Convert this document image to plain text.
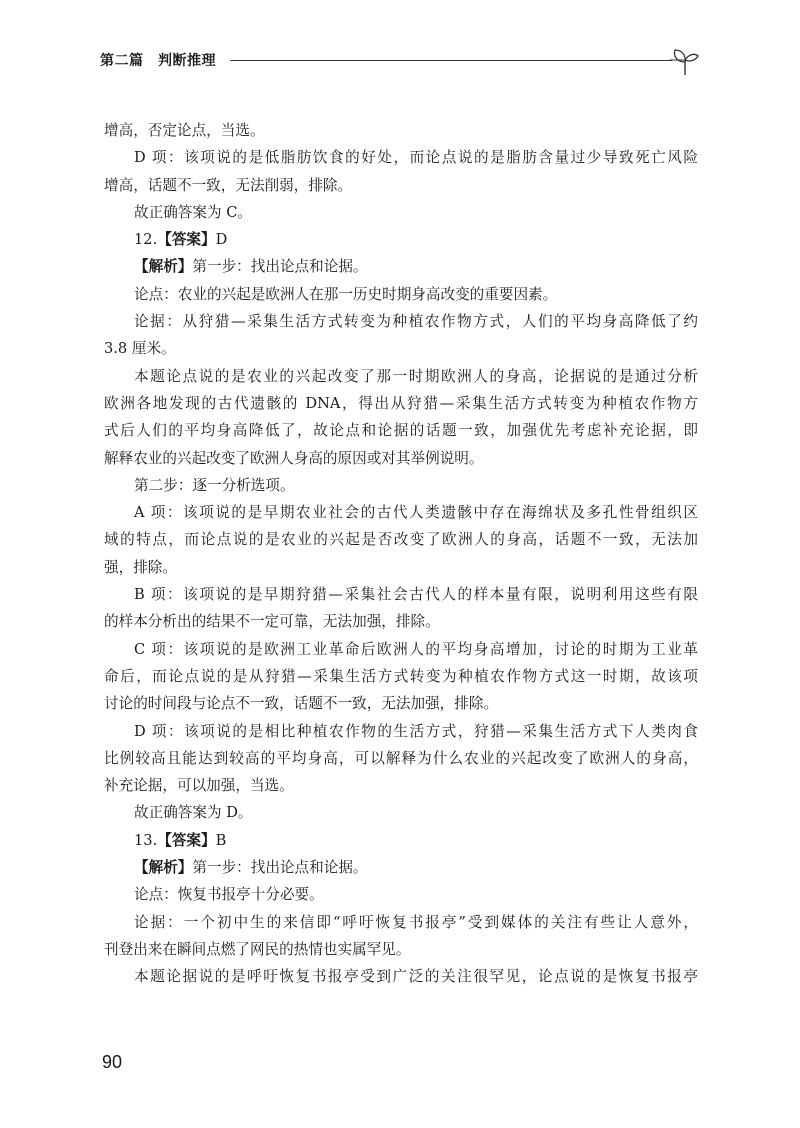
第二篇　判断推理
增高，否定论点，当选。
D 项：该项说的是低脂肪饮食的好处，而论点说的是脂肪含量过少导致死亡风险
增高，话题不一致，无法削弱，排除。
故正确答案为 C。
12.【答案】D
【解析】第一步：找出论点和论据。
论点：农业的兴起是欧洲人在那一历史时期身高改变的重要因素。
论据：从狩猎—采集生活方式转变为种植农作物方式，人们的平均身高降低了约
3.8 厘米。
本题论点说的是农业的兴起改变了那一时期欧洲人的身高，论据说的是通过分析
欧洲各地发现的古代遗骸的 DNA，得出从狩猎—采集生活方式转变为种植农作物方
式后人们的平均身高降低了，故论点和论据的话题一致，加强优先考虑补充论据，即
解释农业的兴起改变了欧洲人身高的原因或对其举例说明。
第二步：逐一分析选项。
A 项：该项说的是早期农业社会的古代人类遗骸中存在海绵状及多孔性骨组织区
域的特点，而论点说的是农业的兴起是否改变了欧洲人的身高，话题不一致，无法加
强，排除。
B 项：该项说的是早期狩猎—采集社会古代人的样本量有限，说明利用这些有限
的样本分析出的结果不一定可靠，无法加强，排除。
C 项：该项说的是欧洲工业革命后欧洲人的平均身高增加，讨论的时期为工业革
命后，而论点说的是从狩猎—采集生活方式转变为种植农作物方式这一时期，故该项
讨论的时间段与论点不一致，话题不一致，无法加强，排除。
D 项：该项说的是相比种植农作物的生活方式，狩猎—采集生活方式下人类肉食
比例较高且能达到较高的平均身高，可以解释为什么农业的兴起改变了欧洲人的身高，
补充论据，可以加强，当选。
故正确答案为 D。
13.【答案】B
【解析】第一步：找出论点和论据。
论点：恢复书报亭十分必要。
论据：一个初中生的来信即“呼吁恢复书报亭”受到媒体的关注有些让人意外，
刊登出来在瞬间点燃了网民的热情也实属罕见。
本题论据说的是呼吁恢复书报亭受到广泛的关注很罕见，论点说的是恢复书报亭
90
